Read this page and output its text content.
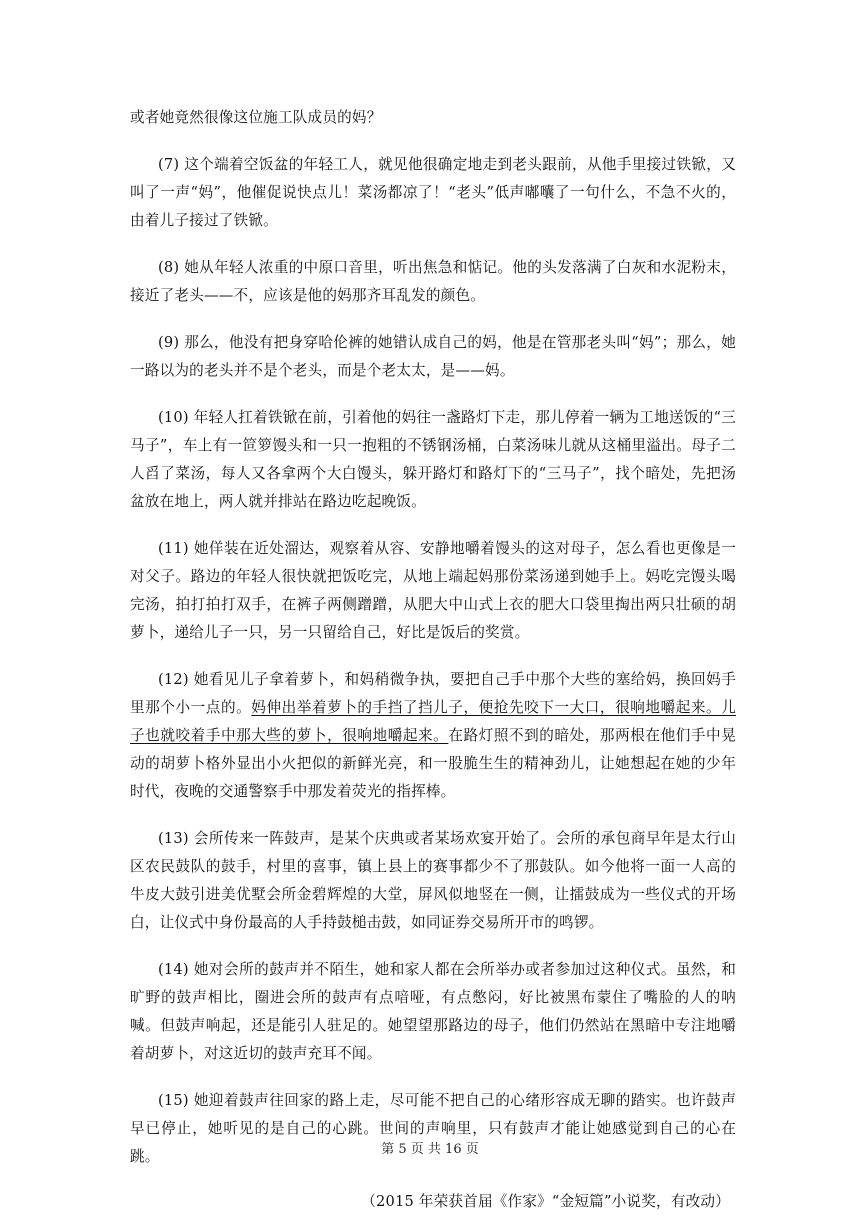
或者她竟然很像这位施工队成员的妈？

(7) 这个端着空饭盆的年轻工人，就见他很确定地走到老头跟前，从他手里接过铁锨，又叫了一声“妈”，他催促说快点儿！菜汤都凉了！“老头”低声嘟囔了一句什么，不急不火的，由着儿子接过了铁锨。

(8) 她从年轻人浓重的中原口音里，听出焦急和惦记。他的头发落满了白灰和水泥粉末，接近了老头——不，应该是他的妈那齐耳乱发的颜色。

(9) 那么，他没有把身穿哈伦裤的她错认成自己的妈，他是在管那老头叫“妈”；那么，她一路以为的老头并不是个老头，而是个老太太，是——妈。

(10) 年轻人扛着铁锨在前，引着他的妈往一盏路灯下走，那儿停着一辆为工地送饭的“三马子”，车上有一笸箩馒头和一只一抱粗的不锈钢汤桶，白菜汤味儿就从这桶里溢出。母子二人舀了菜汤，每人又各拿两个大白馒头，躲开路灯和路灯下的“三马子”，找个暗处，先把汤盆放在地上，两人就并排站在路边吃起晚饭。

(11) 她佯装在近处溜达，观察着从容、安静地嚼着馒头的这对母子，怎么看也更像是一对父子。路边的年轻人很快就把饭吃完，从地上端起妈那份菜汤递到她手上。妈吃完馒头喝完汤，拍打拍打双手，在裤子两侧蹭蹭，从肥大中山式上衣的肥大口袋里掏出两只壮硕的胡萝卜，递给儿子一只，另一只留给自己，好比是饭后的奖赏。

(12) 她看见儿子拿着萝卜，和妈稍微争执，要把自己手中那个大些的塞给妈，换回妈手里那个小一点的。妈伸出举着萝卜的手挡了挡儿子，便抢先咬下一大口，很响地嚼起来。儿子也就咬着手中那大些的萝卜，很响地嚼起来。在路灯照不到的暗处，那两根在他们手中晃动的胡萝卜格外显出小火把似的新鲜光亮，和一股脆生生的精神劲儿，让她想起在她的少年时代，夜晚的交通警察手中那发着荧光的指挥棒。

(13) 会所传来一阵鼓声，是某个庆典或者某场欢宴开始了。会所的承包商早年是太行山区农民鼓队的鼓手，村里的喜事，镇上县上的赛事都少不了那鼓队。如今他将一面一人高的牛皮大鼓引进美优墅会所金碧辉煌的大堂，屏风似地竖在一侧，让擂鼓成为一些仪式的开场白，让仪式中身份最高的人手持鼓槌击鼓，如同证券交易所开市的鸣锣。

(14) 她对会所的鼓声并不陌生，她和家人都在会所举办或者参加过这种仪式。虽然，和旷野的鼓声相比，圈进会所的鼓声有点喑哑，有点憋闷，好比被黑布蒙住了嘴脸的人的呐喊。但鼓声响起，还是能引人驻足的。她望望那路边的母子，他们仍然站在黑暗中专注地嚼着胡萝卜，对这近切的鼓声充耳不闻。

(15) 她迎着鼓声往回家的路上走，尽可能不把自己的心绪形容成无聊的踏实。也许鼓声早已停止，她听见的是自己的心跳。世间的声响里，只有鼓声才能让她感觉到自己的心在跳。

（2015 年荣获首届《作家》“金短篇”小说奖，有改动）

第 5 页 共 16 页
